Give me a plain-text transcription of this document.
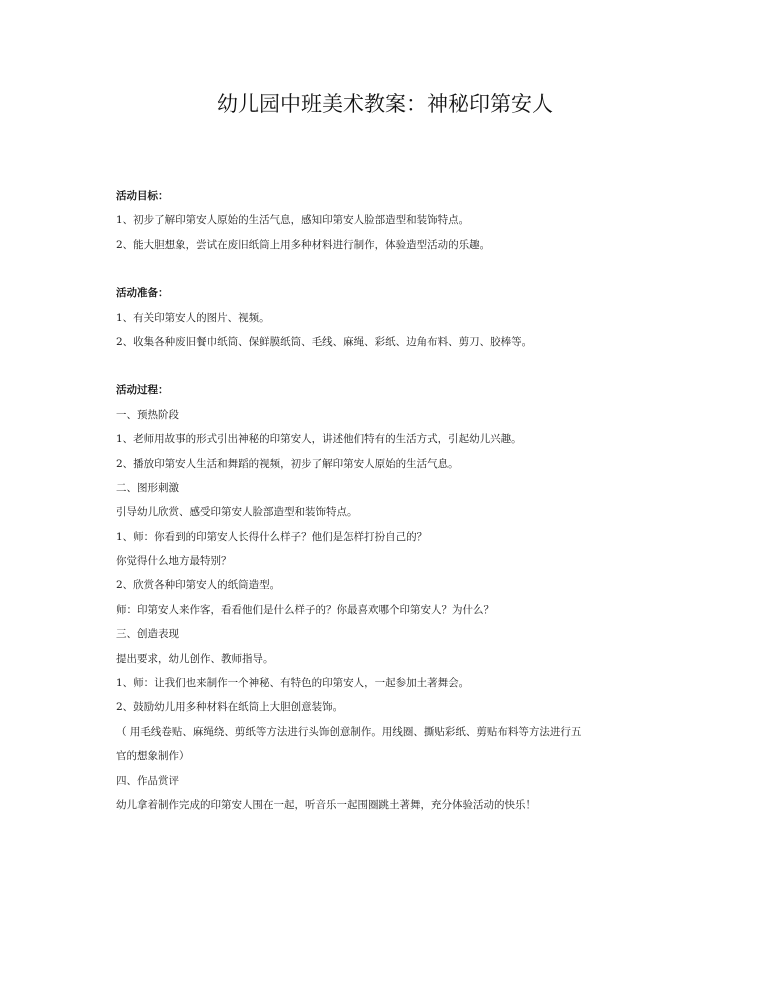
幼儿园中班美术教案：神秘印第安人

活动目标：

1、初步了解印第安人原始的生活气息，感知印第安人脸部造型和装饰特点。

2、能大胆想象，尝试在废旧纸筒上用多种材料进行制作，体验造型活动的乐趣。

活动准备：

1、有关印第安人的图片、视频。

2、收集各种废旧餐巾纸筒、保鲜膜纸筒、毛线、麻绳、彩纸、边角布料、剪刀、胶棒等。

活动过程：

一、预热阶段

1、老师用故事的形式引出神秘的印第安人，讲述他们特有的生活方式，引起幼儿兴趣。

2、播放印第安人生活和舞蹈的视频，初步了解印第安人原始的生活气息。

二、图形刺激

引导幼儿欣赏、感受印第安人脸部造型和装饰特点。

1、师：你看到的印第安人长得什么样子？他们是怎样打扮自己的？

你觉得什么地方最特别？

2、欣赏各种印第安人的纸筒造型。

师：印第安人来作客，看看他们是什么样子的？你最喜欢哪个印第安人？为什么？

三、创造表现

提出要求，幼儿创作、教师指导。

1、师：让我们也来制作一个神秘、有特色的印第安人，一起参加土著舞会。

2、鼓励幼儿用多种材料在纸筒上大胆创意装饰。

（ 用毛线卷贴、麻绳绕、剪纸等方法进行头饰创意制作。用线圈、撕贴彩纸、剪贴布料等方法进行五

官的想象制作）

四、作品赏评

幼儿拿着制作完成的印第安人围在一起，听音乐一起围圈跳土著舞，充分体验活动的快乐！
